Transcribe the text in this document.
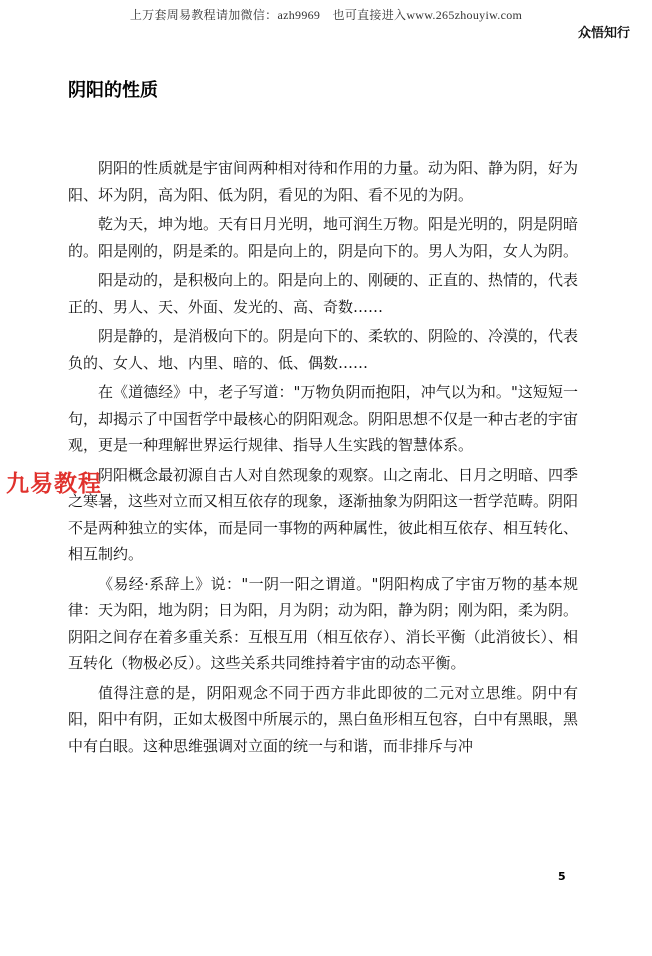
上万套周易教程请加微信：azh9969　也可直接进入www.265zhouyiw.com
众悟知行
阴阳的性质

阴阳的性质就是宇宙间两种相对待和作用的力量。动为阳、静为阴，好为阳、坏为阴，高为阳、低为阴，看见的为阳、看不见的为阴。

乾为天，坤为地。天有日月光明，地可润生万物。阳是光明的，阴是阴暗的。阳是刚的，阴是柔的。阳是向上的，阴是向下的。男人为阳，女人为阴。

阳是动的，是积极向上的。阳是向上的、刚硬的、正直的、热情的，代表正的、男人、天、外面、发光的、高、奇数……

阴是静的，是消极向下的。阴是向下的、柔软的、阴险的、冷漠的，代表负的、女人、地、内里、暗的、低、偶数……

在《道德经》中，老子写道："万物负阴而抱阳，冲气以为和。"这短短一句，却揭示了中国哲学中最核心的阴阳观念。阴阳思想不仅是一种古老的宇宙观，更是一种理解世界运行规律、指导人生实践的智慧体系。

阴阳概念最初源自古人对自然现象的观察。山之南北、日月之明暗、四季之寒暑，这些对立而又相互依存的现象，逐渐抽象为阴阳这一哲学范畴。阴阳不是两种独立的实体，而是同一事物的两种属性，彼此相互依存、相互转化、相互制约。

《易经·系辞上》说："一阴一阳之谓道。"阴阳构成了宇宙万物的基本规律：天为阳，地为阴；日为阳，月为阴；动为阳，静为阴；刚为阳，柔为阴。阴阳之间存在着多重关系：互根互用（相互依存）、消长平衡（此消彼长）、相互转化（物极必反）。这些关系共同维持着宇宙的动态平衡。

值得注意的是，阴阳观念不同于西方非此即彼的二元对立思维。阴中有阳，阳中有阴，正如太极图中所展示的，黑白鱼形相互包容，白中有黑眼，黑中有白眼。这种思维强调对立面的统一与和谐，而非排斥与冲

九易教程
5
